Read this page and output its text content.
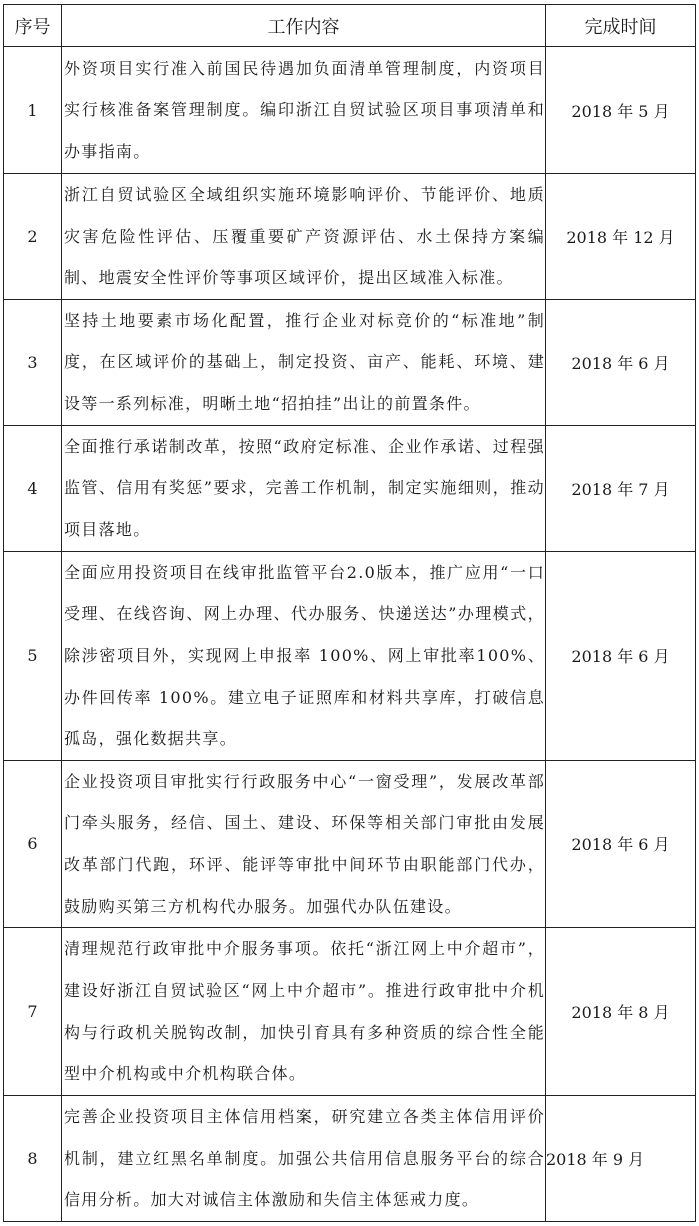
序号	工作内容	完成时间
1	外资项目实行准入前国民待遇加负面清单管理制度，内资项目实行核准备案管理制度。编印浙江自贸试验区项目事项清单和办事指南。	2018 年 5 月
2	浙江自贸试验区全域组织实施环境影响评价、节能评价、地质灾害危险性评估、压覆重要矿产资源评估、水土保持方案编制、地震安全性评价等事项区域评价，提出区域准入标准。	2018 年 12 月
3	坚持土地要素市场化配置，推行企业对标竞价的“标准地”制度，在区域评价的基础上，制定投资、亩产、能耗、环境、建设等一系列标准，明晰土地“招拍挂”出让的前置条件。	2018 年 6 月
4	全面推行承诺制改革，按照“政府定标准、企业作承诺、过程强监管、信用有奖惩”要求，完善工作机制，制定实施细则，推动项目落地。	2018 年 7 月
5	全面应用投资项目在线审批监管平台2.0版本，推广应用“一口受理、在线咨询、网上办理、代办服务、快递送达”办理模式，除涉密项目外，实现网上申报率 100%、网上审批率100%、办件回传率 100%。建立电子证照库和材料共享库，打破信息孤岛，强化数据共享。	2018 年 6 月
6	企业投资项目审批实行行政服务中心“一窗受理”，发展改革部门牵头服务，经信、国土、建设、环保等相关部门审批由发展改革部门代跑，环评、能评等审批中间环节由职能部门代办，鼓励购买第三方机构代办服务。加强代办队伍建设。	2018 年 6 月
7	清理规范行政审批中介服务事项。依托“浙江网上中介超市”，建设好浙江自贸试验区“网上中介超市”。推进行政审批中介机构与行政机关脱钩改制，加快引育具有多种资质的综合性全能型中介机构或中介机构联合体。	2018 年 8 月
8	完善企业投资项目主体信用档案，研究建立各类主体信用评价机制，建立红黑名单制度。加强公共信用信息服务平台的综合信用分析。加大对诚信主体激励和失信主体惩戒力度。	2018 年 9 月
